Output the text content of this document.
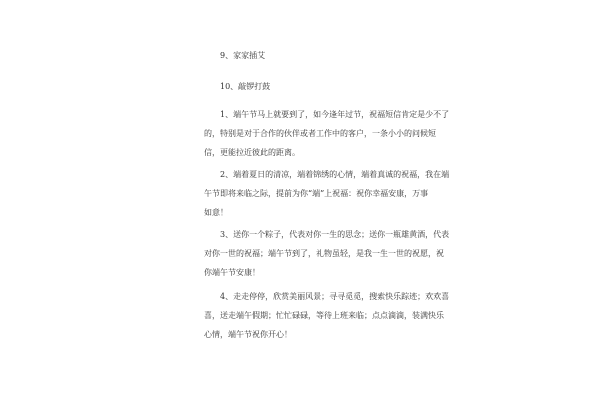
9、家家插艾
10、敲锣打鼓
1、端午节马上就要到了，如今逢年过节，祝福短信肯定是少不了
的，特别是对于合作的伙伴或者工作中的客户，一条小小的问候短
信，更能拉近彼此的距离。
2、端着夏日的清凉，端着锦绣的心情，端着真诚的祝福，我在端
午节即将来临之际，提前为你“端”上祝福：祝你幸福安康，万事
如意！
3、送你一个粽子，代表对你一生的思念；送你一瓶雄黄酒，代表
对你一世的祝福；端午节到了，礼物虽轻，是我一生一世的祝愿，祝
你端午节安康！
4、走走停停，欣赏美丽风景；寻寻觅觅，搜索快乐踪迹；欢欢喜
喜，送走端午假期；忙忙碌碌，等待上班来临；点点滴滴，装满快乐
心情，端午节祝你开心！
